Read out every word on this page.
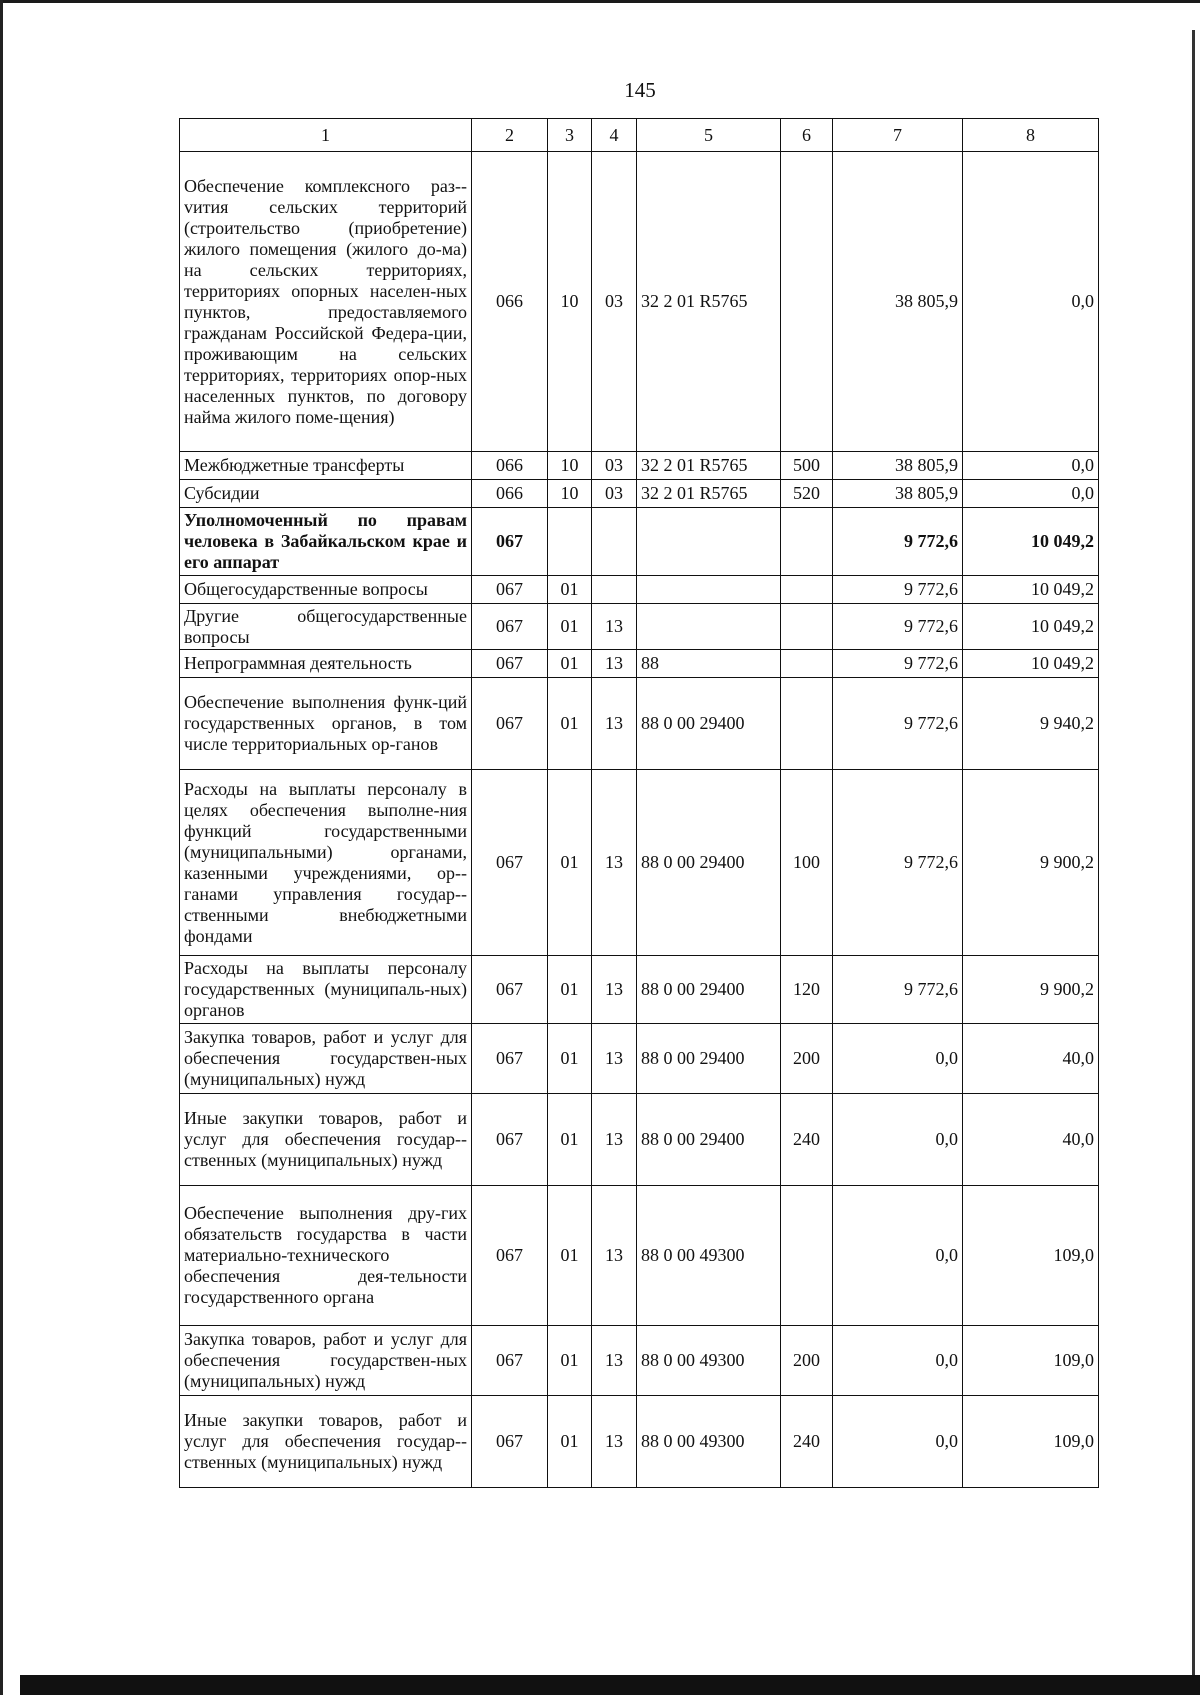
145
1	2	3	4	5	6	7	8
Обеспечение комплексного раз-vития сельских территорий (строительство (приобретение) жилого помещения (жилого до-ма) на сельских территориях, территориях опорных населен-ных пунктов, предоставляемого гражданам Российской Федера-ции, проживающим на сельских территориях, территориях опор-ных населенных пунктов, по договору найма жилого поме-щения)	066	10	03	32 2 01 R5765		38 805,9	0,0
Межбюджетные трансферты	066	10	03	32 2 01 R5765	500	38 805,9	0,0
Субсидии	066	10	03	32 2 01 R5765	520	38 805,9	0,0
Уполномоченный по правам человека в Забайкальском крае и его аппарат	067					9 772,6	10 049,2
Общегосударственные вопросы	067	01				9 772,6	10 049,2
Другие общегосударственные вопросы	067	01	13			9 772,6	10 049,2
Непрограммная деятельность	067	01	13	88		9 772,6	10 049,2
Обеспечение выполнения функ-ций государственных органов, в том числе территориальных ор-ганов	067	01	13	88 0 00 29400		9 772,6	9 940,2
Расходы на выплаты персоналу в целях обеспечения выполне-ния функций государственными (муниципальными) органами, казенными учреждениями, ор-ганами управления государ-ственными внебюджетными фондами	067	01	13	88 0 00 29400	100	9 772,6	9 900,2
Расходы на выплаты персоналу государственных (муниципаль-ных) органов	067	01	13	88 0 00 29400	120	9 772,6	9 900,2
Закупка товаров, работ и услуг для обеспечения государствен-ных (муниципальных) нужд	067	01	13	88 0 00 29400	200	0,0	40,0
Иные закупки товаров, работ и услуг для обеспечения государ-ственных (муниципальных) нужд	067	01	13	88 0 00 29400	240	0,0	40,0
Обеспечение выполнения дру-гих обязательств государства в части материально-технического обеспечения дея-тельности государственного органа	067	01	13	88 0 00 49300		0,0	109,0
Закупка товаров, работ и услуг для обеспечения государствен-ных (муниципальных) нужд	067	01	13	88 0 00 49300	200	0,0	109,0
Иные закупки товаров, работ и услуг для обеспечения государ-ственных (муниципальных) нужд	067	01	13	88 0 00 49300	240	0,0	109,0
